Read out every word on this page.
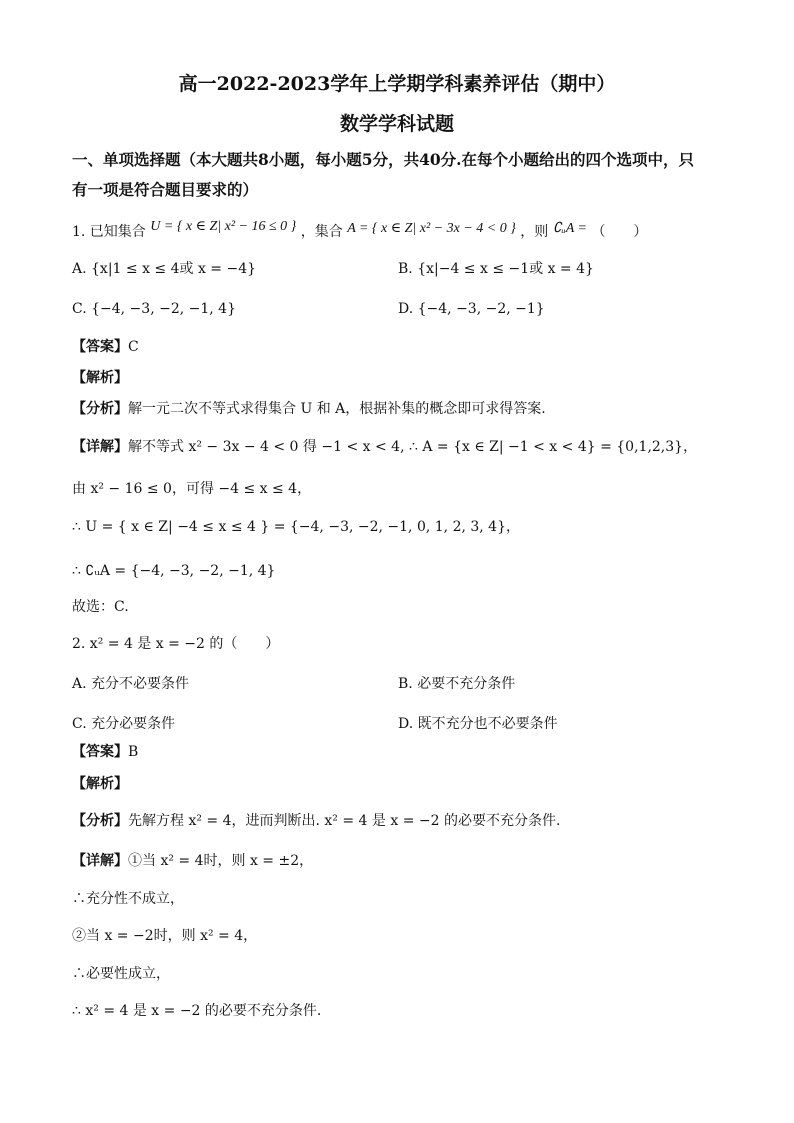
高一2022-2023学年上学期学科素养评估（期中）
数学学科试题
一、单项选择题（本大题共8小题，每小题5分，共40分.在每个小题给出的四个选项中，只
有一项是符合题目要求的）
1. 已知集合 U = { x ∈ Z| x² − 16 ≤ 0 } ，集合 A = { x ∈ Z| x² − 3x − 4 < 0 } ，则 ∁ᵤA = （　　）
A. {x|1 ≤ x ≤ 4或 x = −4}	B. {x|−4 ≤ x ≤ −1或 x = 4}
C. {−4, −3, −2, −1, 4}	D. {−4, −3, −2, −1}
【答案】C
【解析】
【分析】解一元二次不等式求得集合 U 和 A，根据补集的概念即可求得答案.
【详解】解不等式 x² − 3x − 4 < 0 得 −1 < x < 4, ∴ A = {x ∈ Z| −1 < x < 4} = {0,1,2,3}，
由 x² − 16 ≤ 0，可得 −4 ≤ x ≤ 4，
∴ U = { x ∈ Z| −4 ≤ x ≤ 4 } = {−4, −3, −2, −1, 0, 1, 2, 3, 4}，
∴ ∁ᵤA = {−4, −3, −2, −1, 4}
故选：C.
2. x² = 4 是 x = −2 的（　　）
A. 充分不必要条件	B. 必要不充分条件
C. 充分必要条件	D. 既不充分也不必要条件
【答案】B
【解析】
【分析】先解方程 x² = 4，进而判断出. x² = 4 是 x = −2 的必要不充分条件.
【详解】①当 x² = 4时，则 x = ±2，
∴充分性不成立，
②当 x = −2时，则 x² = 4，
∴必要性成立，
∴ x² = 4 是 x = −2 的必要不充分条件.
